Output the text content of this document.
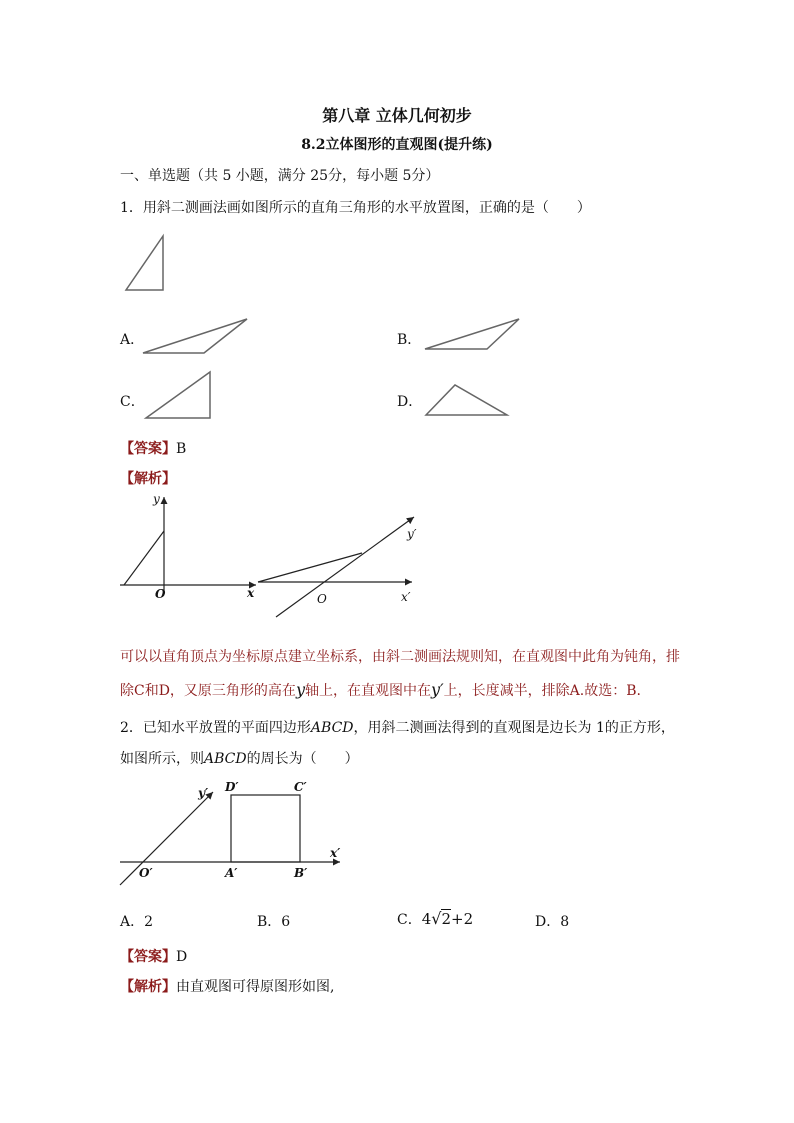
第八章 立体几何初步
8.2立体图形的直观图(提升练)
一、单选题（共 5 小题，满分 25分，每小题 5分）
1．用斜二测画法画如图所示的直角三角形的水平放置图，正确的是（　　）
A．	B．
C．	D．
【答案】B
【解析】
y
O	x
y′
O	x′
可以以直角顶点为坐标原点建立坐标系，由斜二测画法规则知，在直观图中此角为钝角，排
除C和D，又原三角形的高在y轴上，在直观图中在y′上，长度减半，排除A.故选：B.
2．已知水平放置的平面四边形ABCD，用斜二测画法得到的直观图是边长为 1的正方形，
如图所示，则ABCD的周长为（　　）
y′ D′	C′
x′
O′	A′	B′
A．2	B．6	C．4√2+2	D．8
【答案】D
【解析】由直观图可得原图形如图,
